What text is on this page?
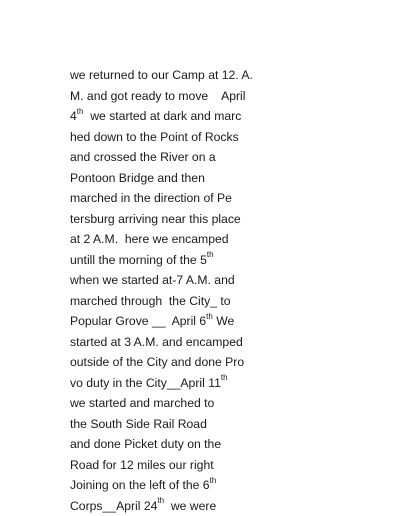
we returned to our Camp at 12. A.
M. and got ready to move    April
4th  we started at dark and marc
hed down to the Point of Rocks
and crossed the River on a
Pontoon Bridge and then
marched in the direction of Pe
tersburg arriving near this place
at 2 A.M.  here we encamped
untill the morning of the 5th
when we started at-7 A.M. and
marched through  the City_ to
Popular Grove __  April 6th We
started at 3 A.M. and encamped
outside of the City and done Pro
vo duty in the City__April 11th
we started and marched to
the South Side Rail Road
and done Picket duty on the
Road for 12 miles our right
Joining on the left of the 6th
Corps__April 24th  we were
